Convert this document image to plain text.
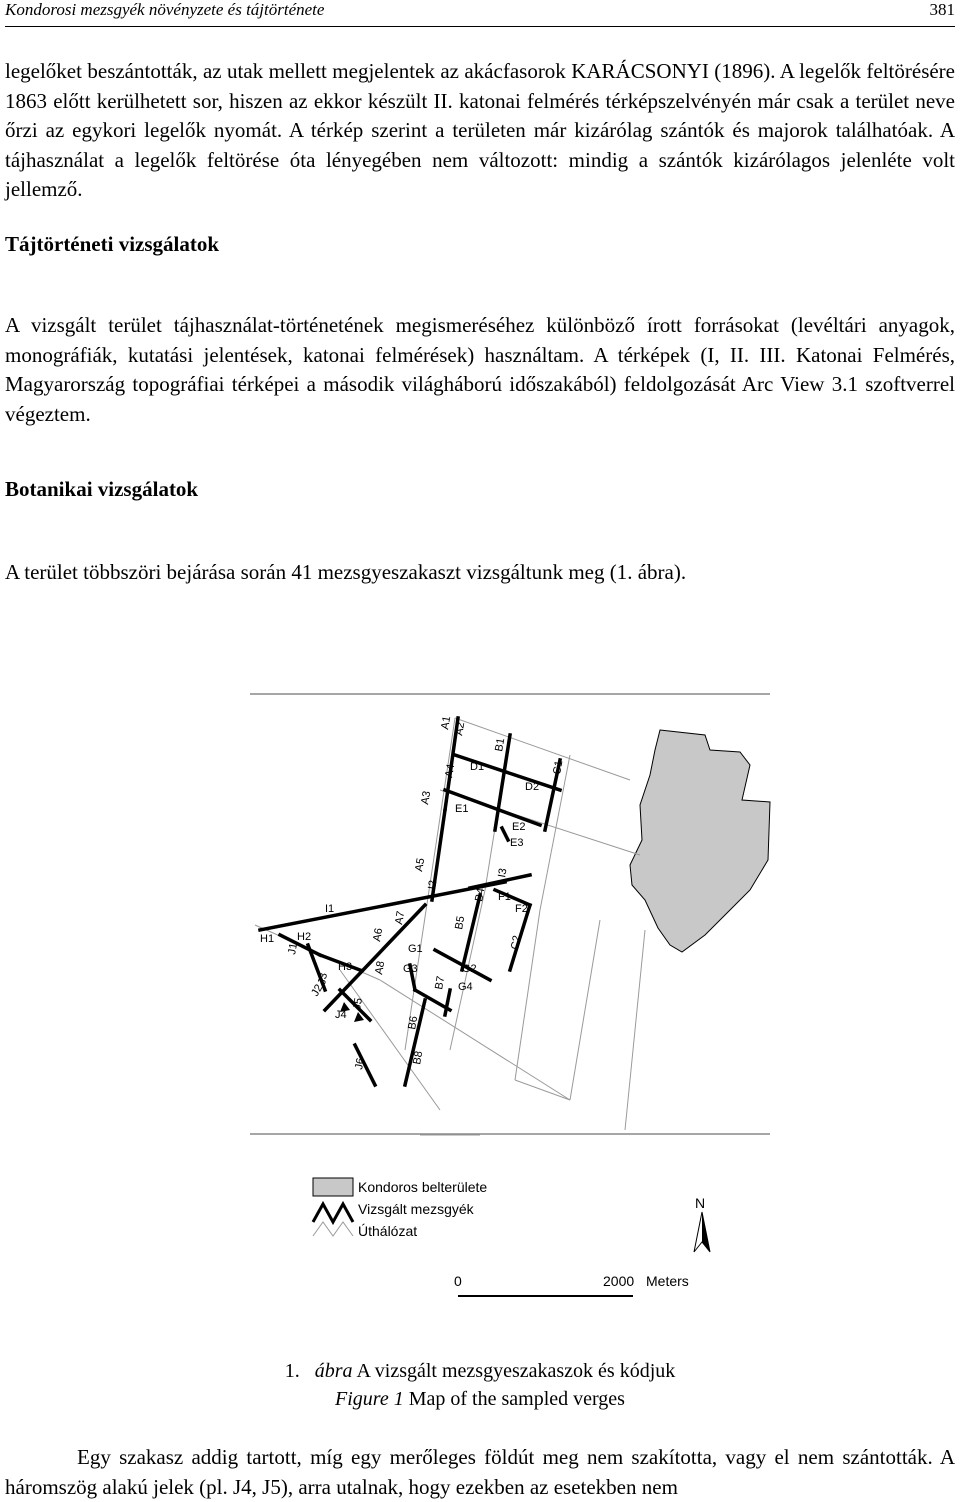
Kondorosi mezsgyék növényzete és tájtörténete	381

legelőket beszántották, az utak mellett megjelentek az akácfasorok KARÁCSONYI (1896). A legelők feltörésére 1863 előtt kerülhetett sor, hiszen az ekkor készült II. katonai felmérés térképszelvényén már csak a terület neve őrzi az egykori legelők nyomát. A térkép szerint a területen már kizárólag szántók és majorok találhatóak. A tájhasználat a legelők feltörése óta lényegében nem változott: mindig a szántók kizárólagos jelenléte volt jellemző.

Tájtörténeti vizsgálatok

A vizsgált terület tájhasználat-történetének megismeréséhez különböző írott forrásokat (levéltári anyagok, monográfiák, kutatási jelentések, katonai felmérések) használtam. A térképek (I, II. III. Katonai Felmérés, Magyarország topográfiai térképei a második világháború időszakából) feldolgozását Arc View 3.1 szoftverrel végeztem.

Botanikai vizsgálatok

A terület többszöri bejárása során 41 mezsgyeszakaszt vizsgáltunk meg (1. ábra).

A1 A2
B1
A4 D1	C1
D2
A3
E1
E2
E3
A5
I2
I3
I1
B4 F1
F2
A7	B5
A6	C2
H1 H2
G1
J1
H3 A8 G3	G2
J3	B7 G4
J2
J4
J5
B6
B8
J6
Kondoros belterülete
Vizsgált mezsgyék
Úthálózat
N
0	2000 Meters
1. ábra A vizsgált mezsgyeszakaszok és kódjuk
Figure 1 Map of the sampled verges

Egy szakasz addig tartott, míg egy merőleges földút meg nem szakította, vagy el nem szántották. A háromszög alakú jelek (pl. J4, J5), arra utalnak, hogy ezekben az esetekben nem
